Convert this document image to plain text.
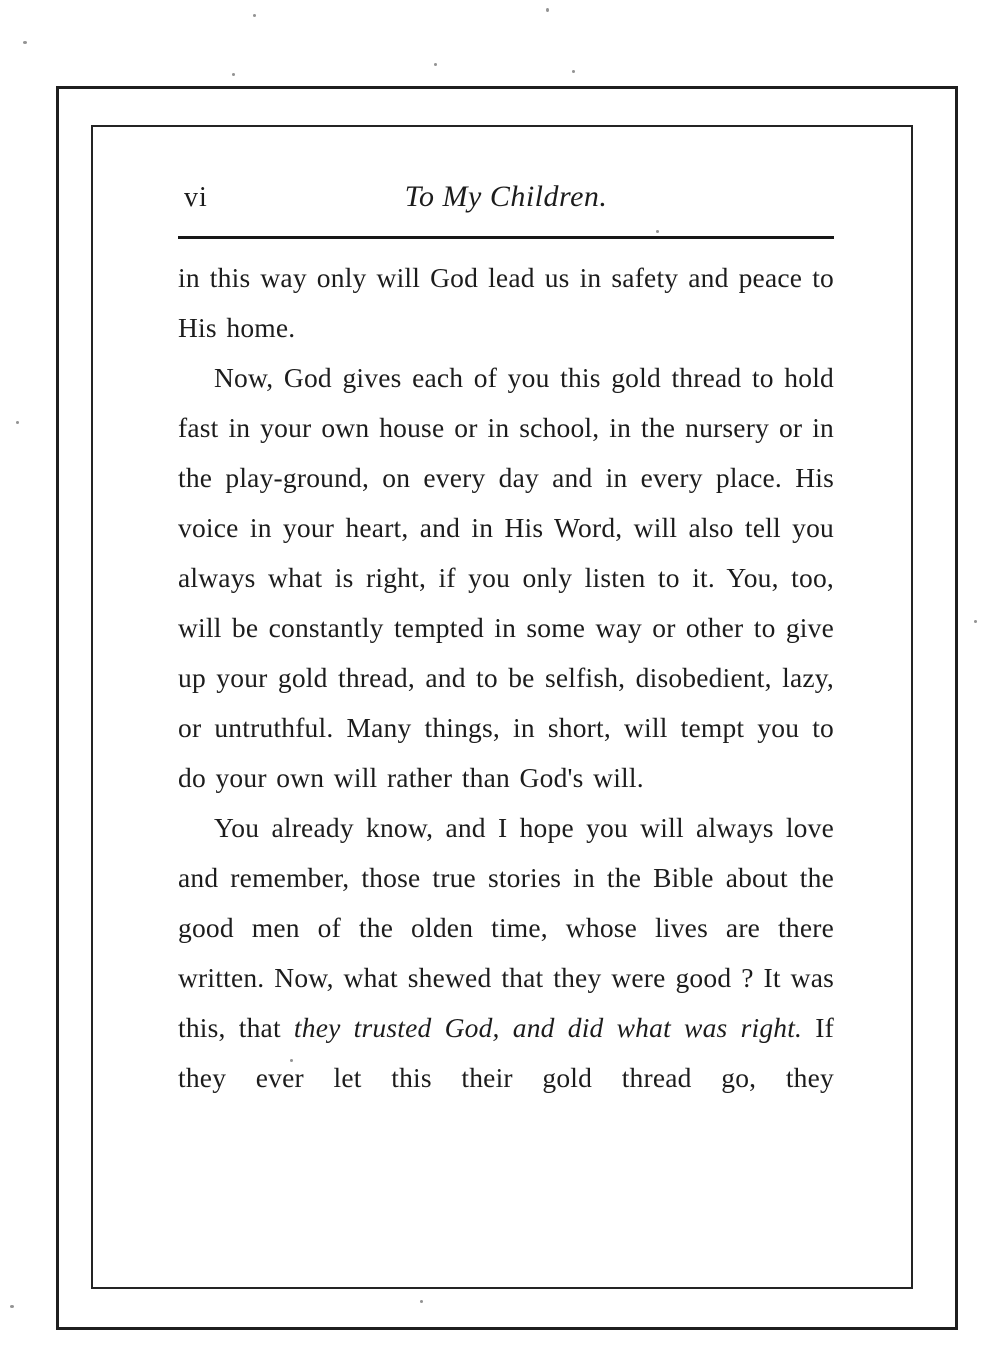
vi	To My Children.

in this way only will God lead us in safety and peace to His home.

Now, God gives each of you this gold thread to hold fast in your own house or in school, in the nursery or in the play-ground, on every day and in every place. His voice in your heart, and in His Word, will also tell you always what is right, if you only listen to it. You, too, will be constantly tempted in some way or other to give up your gold thread, and to be selfish, disobedient, lazy, or untruthful. Many things, in short, will tempt you to do your own will rather than God's will.

You already know, and I hope you will always love and remember, those true stories in the Bible about the good men of the olden time, whose lives are there written. Now, what shewed that they were good ? It was this, that they trusted God, and did what was right. If they ever let this their gold thread go, they
